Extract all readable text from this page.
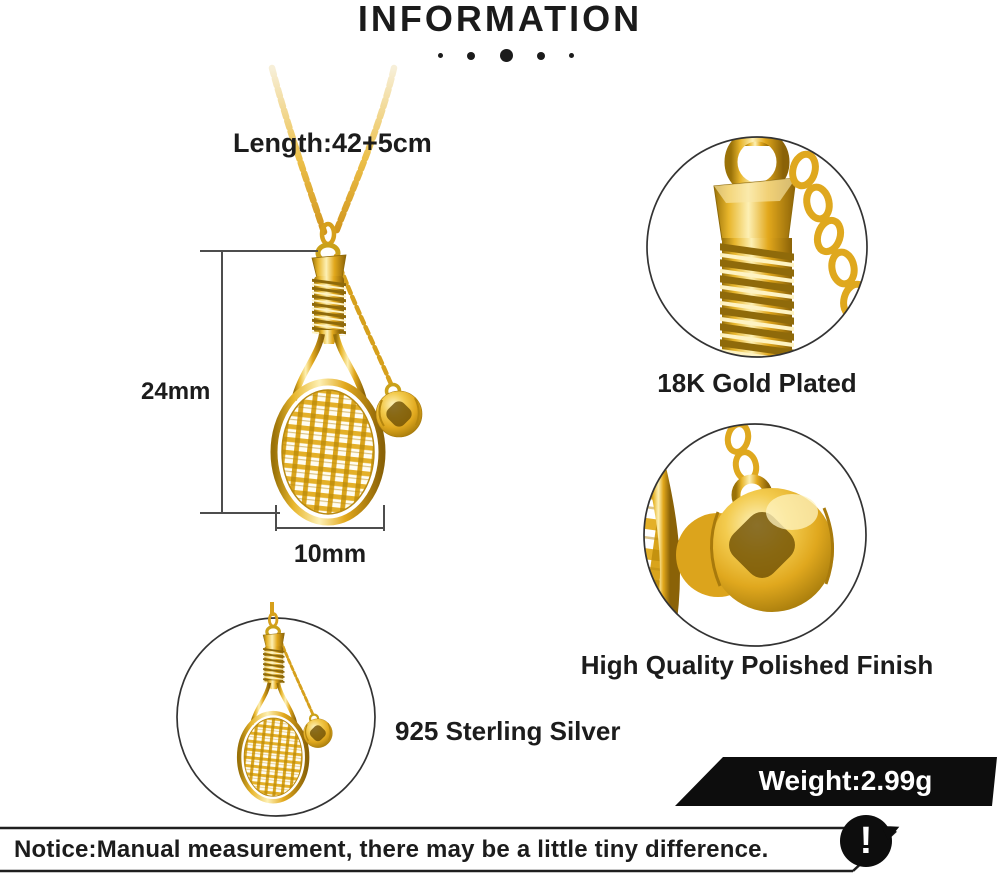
INFORMATION
Length:42+5cm
24mm
10mm
18K Gold Plated
High Quality Polished Finish
925 Sterling Silver
Weight:2.99g
Notice:Manual measurement, there may be a little tiny difference.	!
